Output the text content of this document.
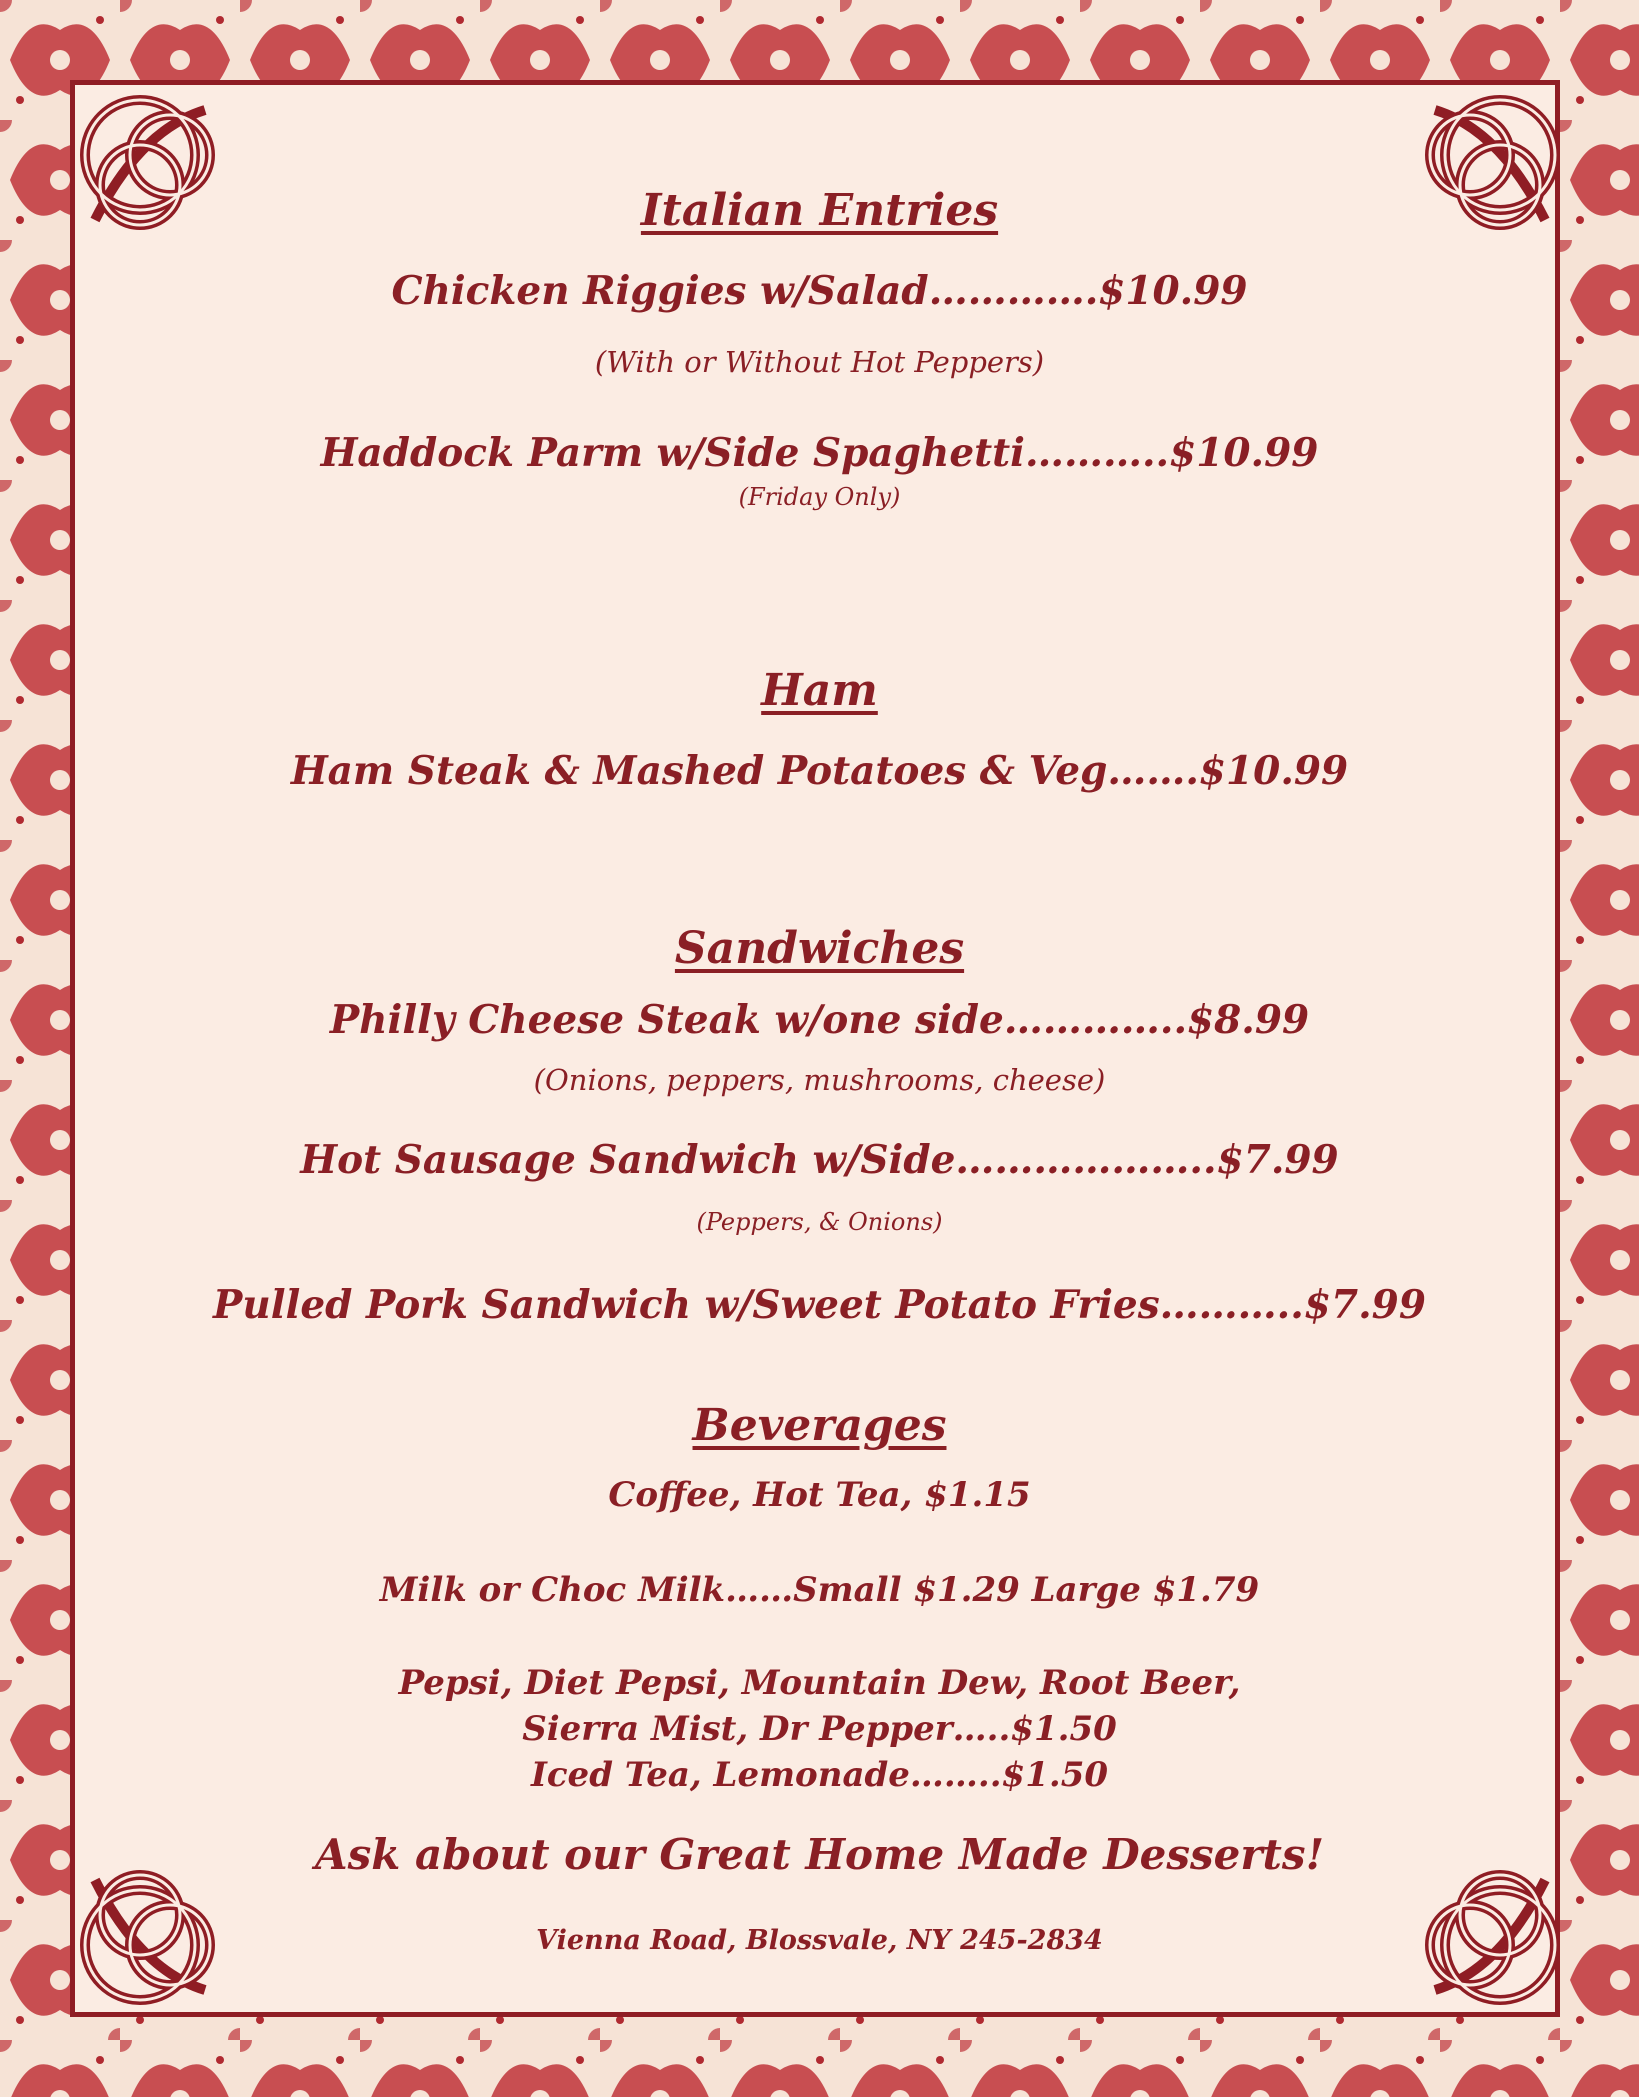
Italian Entries
Chicken Riggies w/Salad………….$10.99
(With or Without Hot Peppers)
Haddock Parm w/Side Spaghetti………..$10.99
(Friday Only)
Ham
Ham Steak & Mashed Potatoes & Veg…….$10.99
Sandwiches
Philly Cheese Steak w/one side…………..$8.99
(Onions, peppers, mushrooms, cheese)
Hot Sausage Sandwich w/Side………………..$7.99
(Peppers, & Onions)
Pulled Pork Sandwich w/Sweet Potato Fries………..$7.99
Beverages
Coffee, Hot Tea, $1.15
Milk or Choc Milk……Small $1.29 Large $1.79
Pepsi, Diet Pepsi, Mountain Dew, Root Beer,
Sierra Mist, Dr Pepper…..$1.50
Iced Tea, Lemonade……..$1.50
Ask about our Great Home Made Desserts!
Vienna Road, Blossvale, NY 245-2834
